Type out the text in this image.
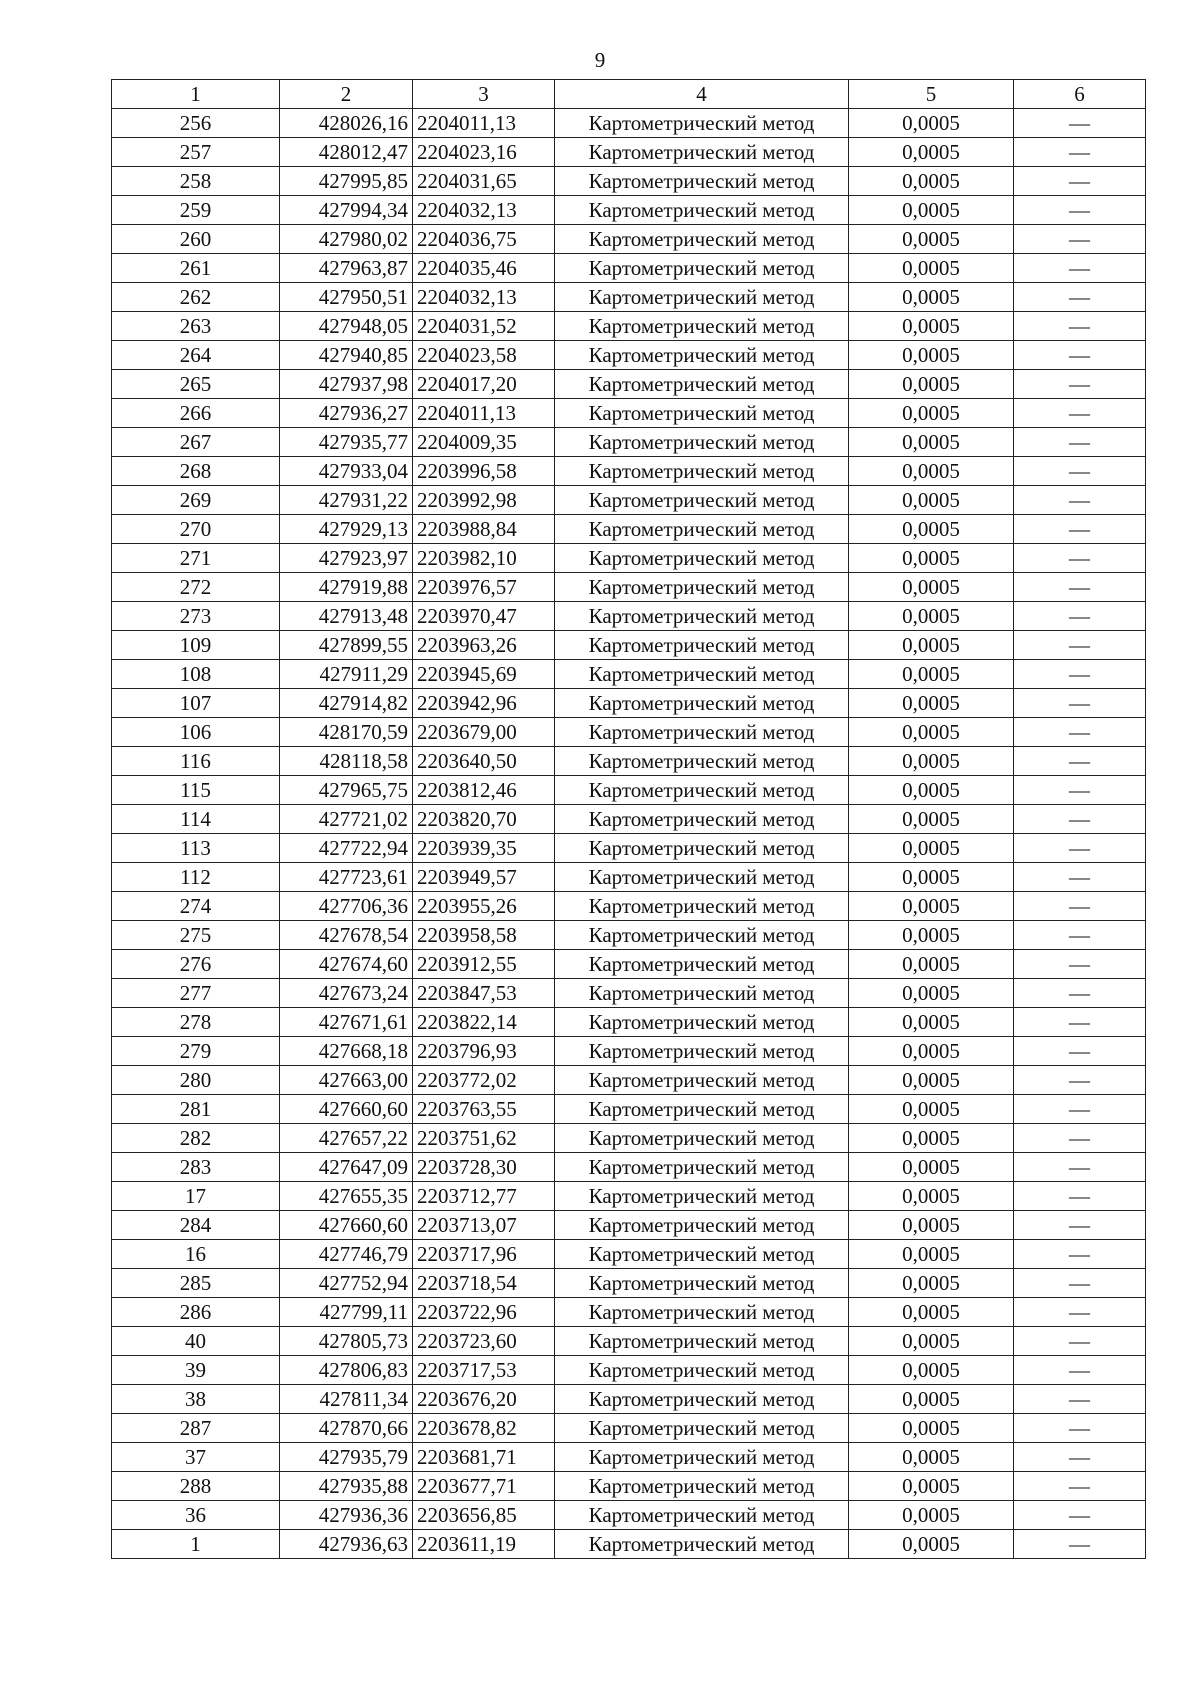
9
1	2	3	4	5	6
256	428026,16	2204011,13	Картометрический метод	0,0005	—
257	428012,47	2204023,16	Картометрический метод	0,0005	—
258	427995,85	2204031,65	Картометрический метод	0,0005	—
259	427994,34	2204032,13	Картометрический метод	0,0005	—
260	427980,02	2204036,75	Картометрический метод	0,0005	—
261	427963,87	2204035,46	Картометрический метод	0,0005	—
262	427950,51	2204032,13	Картометрический метод	0,0005	—
263	427948,05	2204031,52	Картометрический метод	0,0005	—
264	427940,85	2204023,58	Картометрический метод	0,0005	—
265	427937,98	2204017,20	Картометрический метод	0,0005	—
266	427936,27	2204011,13	Картометрический метод	0,0005	—
267	427935,77	2204009,35	Картометрический метод	0,0005	—
268	427933,04	2203996,58	Картометрический метод	0,0005	—
269	427931,22	2203992,98	Картометрический метод	0,0005	—
270	427929,13	2203988,84	Картометрический метод	0,0005	—
271	427923,97	2203982,10	Картометрический метод	0,0005	—
272	427919,88	2203976,57	Картометрический метод	0,0005	—
273	427913,48	2203970,47	Картометрический метод	0,0005	—
109	427899,55	2203963,26	Картометрический метод	0,0005	—
108	427911,29	2203945,69	Картометрический метод	0,0005	—
107	427914,82	2203942,96	Картометрический метод	0,0005	—
106	428170,59	2203679,00	Картометрический метод	0,0005	—
116	428118,58	2203640,50	Картометрический метод	0,0005	—
115	427965,75	2203812,46	Картометрический метод	0,0005	—
114	427721,02	2203820,70	Картометрический метод	0,0005	—
113	427722,94	2203939,35	Картометрический метод	0,0005	—
112	427723,61	2203949,57	Картометрический метод	0,0005	—
274	427706,36	2203955,26	Картометрический метод	0,0005	—
275	427678,54	2203958,58	Картометрический метод	0,0005	—
276	427674,60	2203912,55	Картометрический метод	0,0005	—
277	427673,24	2203847,53	Картометрический метод	0,0005	—
278	427671,61	2203822,14	Картометрический метод	0,0005	—
279	427668,18	2203796,93	Картометрический метод	0,0005	—
280	427663,00	2203772,02	Картометрический метод	0,0005	—
281	427660,60	2203763,55	Картометрический метод	0,0005	—
282	427657,22	2203751,62	Картометрический метод	0,0005	—
283	427647,09	2203728,30	Картометрический метод	0,0005	—
17	427655,35	2203712,77	Картометрический метод	0,0005	—
284	427660,60	2203713,07	Картометрический метод	0,0005	—
16	427746,79	2203717,96	Картометрический метод	0,0005	—
285	427752,94	2203718,54	Картометрический метод	0,0005	—
286	427799,11	2203722,96	Картометрический метод	0,0005	—
40	427805,73	2203723,60	Картометрический метод	0,0005	—
39	427806,83	2203717,53	Картометрический метод	0,0005	—
38	427811,34	2203676,20	Картометрический метод	0,0005	—
287	427870,66	2203678,82	Картометрический метод	0,0005	—
37	427935,79	2203681,71	Картометрический метод	0,0005	—
288	427935,88	2203677,71	Картометрический метод	0,0005	—
36	427936,36	2203656,85	Картометрический метод	0,0005	—
1	427936,63	2203611,19	Картометрический метод	0,0005	—
